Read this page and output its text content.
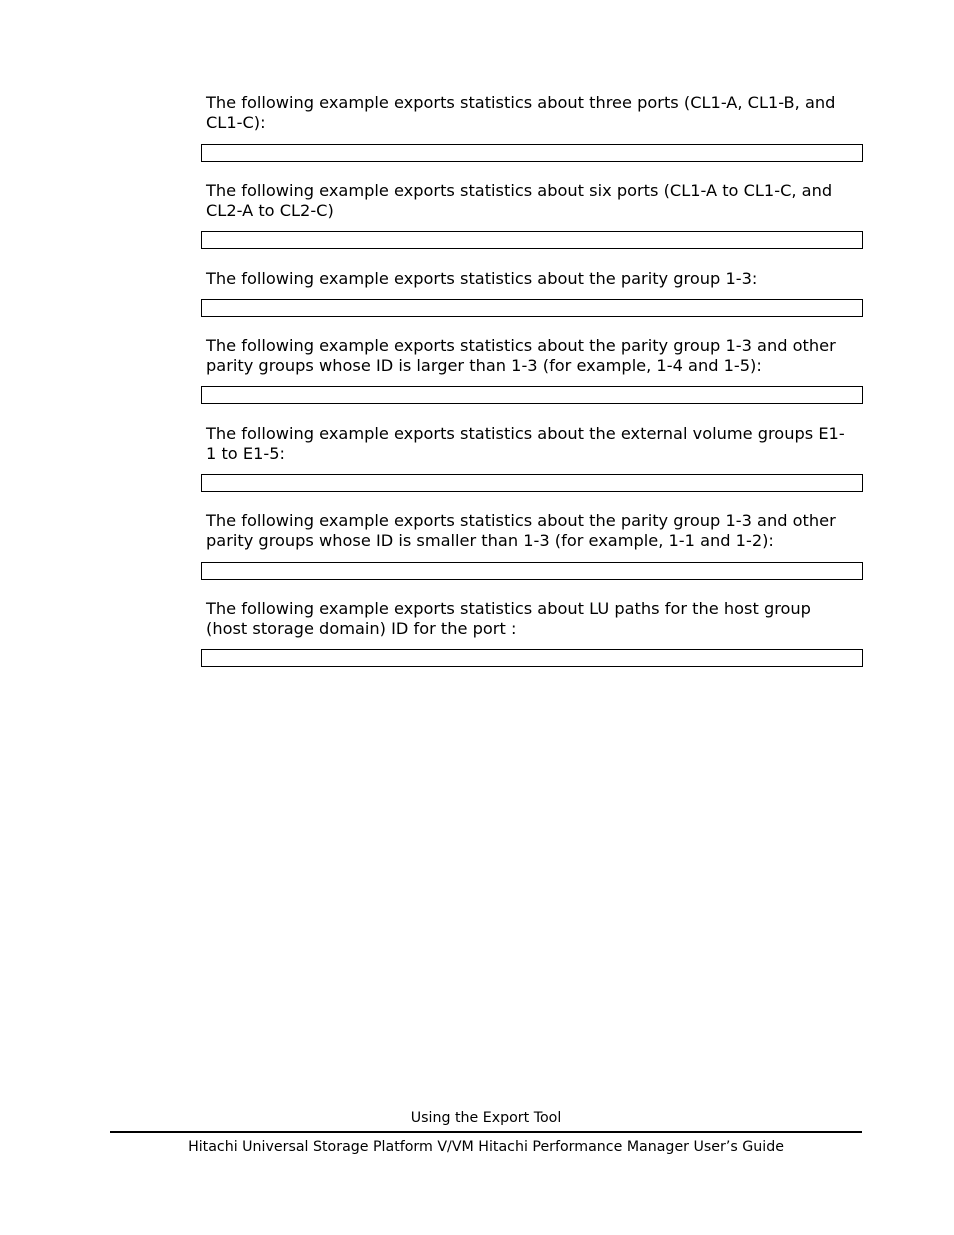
The following example exports statistics about three ports (CL1-A, CL1-B, and
CL1-C):

The following example exports statistics about six ports (CL1-A to CL1-C, and
CL2-A to CL2-C)

The following example exports statistics about the parity group 1-3:

The following example exports statistics about the parity group 1-3 and other
parity groups whose ID is larger than 1-3 (for example, 1-4 and 1-5):

The following example exports statistics about the external volume groups E1-
1 to E1-5:

The following example exports statistics about the parity group 1-3 and other
parity groups whose ID is smaller than 1-3 (for example, 1-1 and 1-2):

The following example exports statistics about LU paths for the host group
(host storage domain) ID for the port :

Using the Export Tool
Hitachi Universal Storage Platform V/VM Hitachi Performance Manager User’s Guide
